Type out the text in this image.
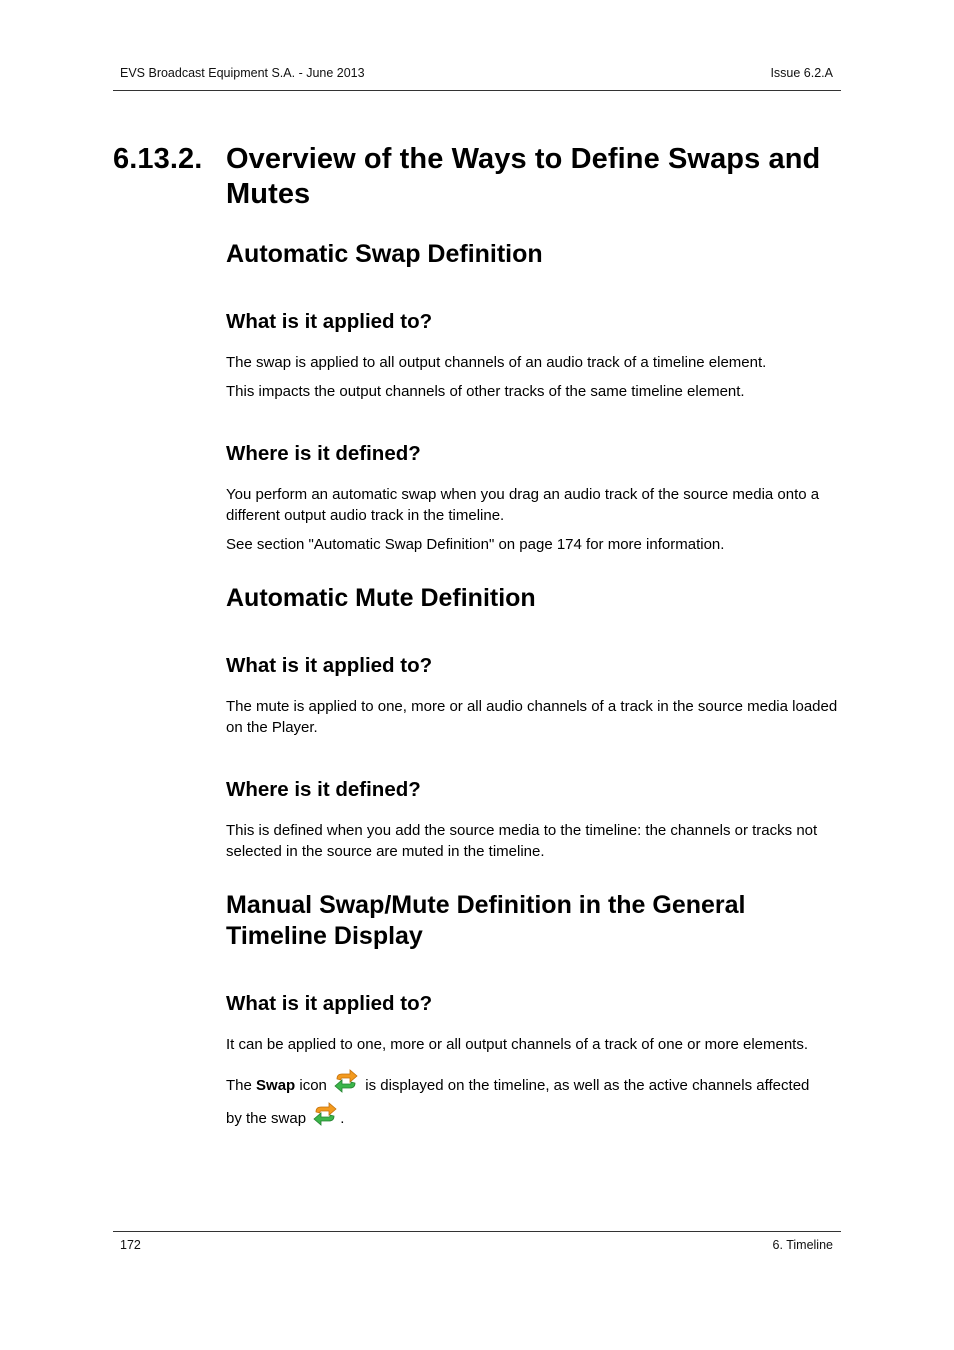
EVS Broadcast Equipment S.A. - June 2013	Issue 6.2.A
6.13.2. Overview of the Ways to Define Swaps and
Mutes
Automatic Swap Definition
What is it applied to?
The swap is applied to all output channels of an audio track of a timeline element.
This impacts the output channels of other tracks of the same timeline element.
Where is it defined?
You perform an automatic swap when you drag an audio track of the source media onto a different output audio track in the timeline.
See section "Automatic Swap Definition" on page 174 for more information.
Automatic Mute Definition
What is it applied to?
The mute is applied to one, more or all audio channels of a track in the source media loaded on the Player.
Where is it defined?
This is defined when you add the source media to the timeline: the channels or tracks not selected in the source are muted in the timeline.
Manual Swap/Mute Definition in the General
Timeline Display
What is it applied to?
It can be applied to one, more or all output channels of a track of one or more elements.
The Swap icon  is displayed on the timeline, as well as the active channels affected
by the swap .
172	6. Timeline
